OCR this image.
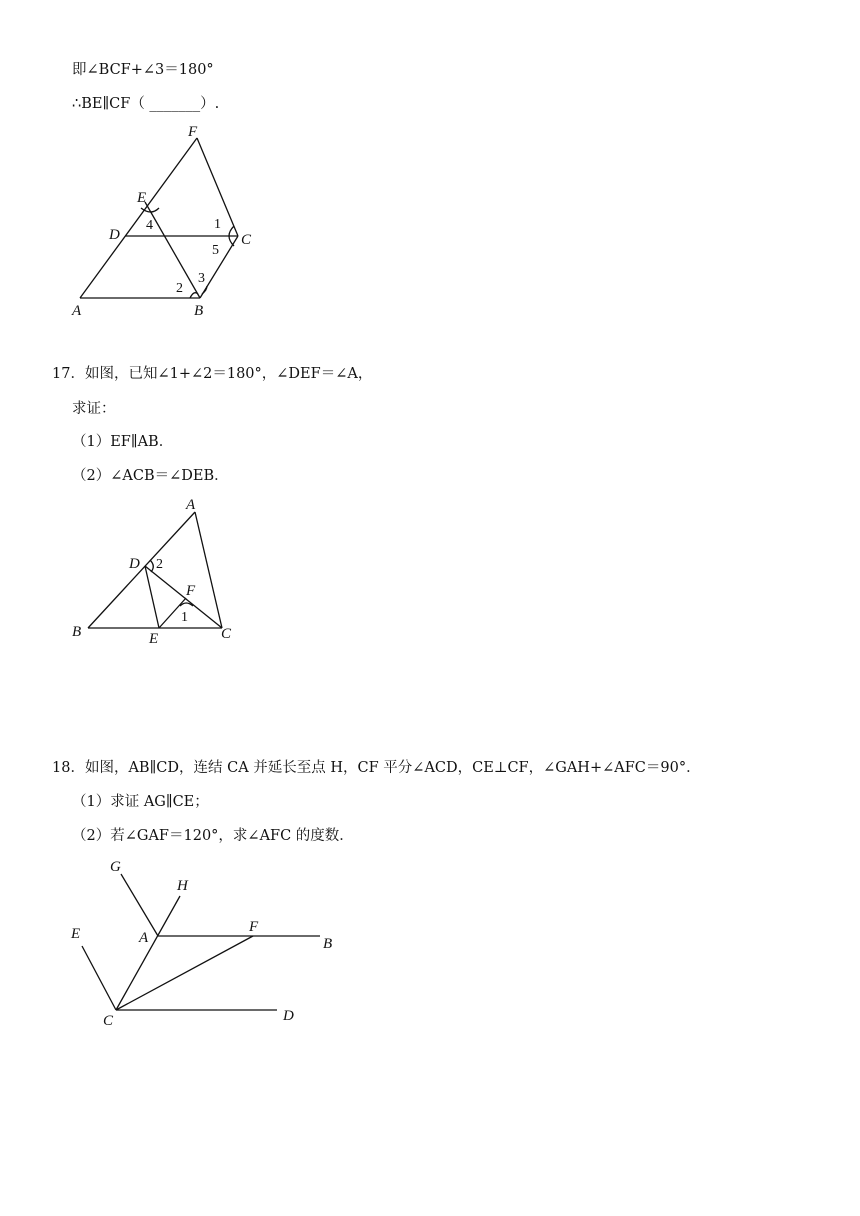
即∠BCF+∠3＝180°
∴BE∥CF（ _______）.
F
E
D	C
A	B
1
4
5
2
3
17．如图，已知∠1+∠2＝180°，∠DEF＝∠A，
求证：
（1）EF∥AB．
（2）∠ACB＝∠DEB．
A
D
F
B	E	C
2
1
18．如图，AB∥CD，连结 CA 并延长至点 H，CF 平分∠ACD，CE⊥CF，∠GAH+∠AFC＝90°．
（1）求证 AG∥CE；
（2）若∠GAF＝120°，求∠AFC 的度数．
G
H
A
F
B
E
C	D
